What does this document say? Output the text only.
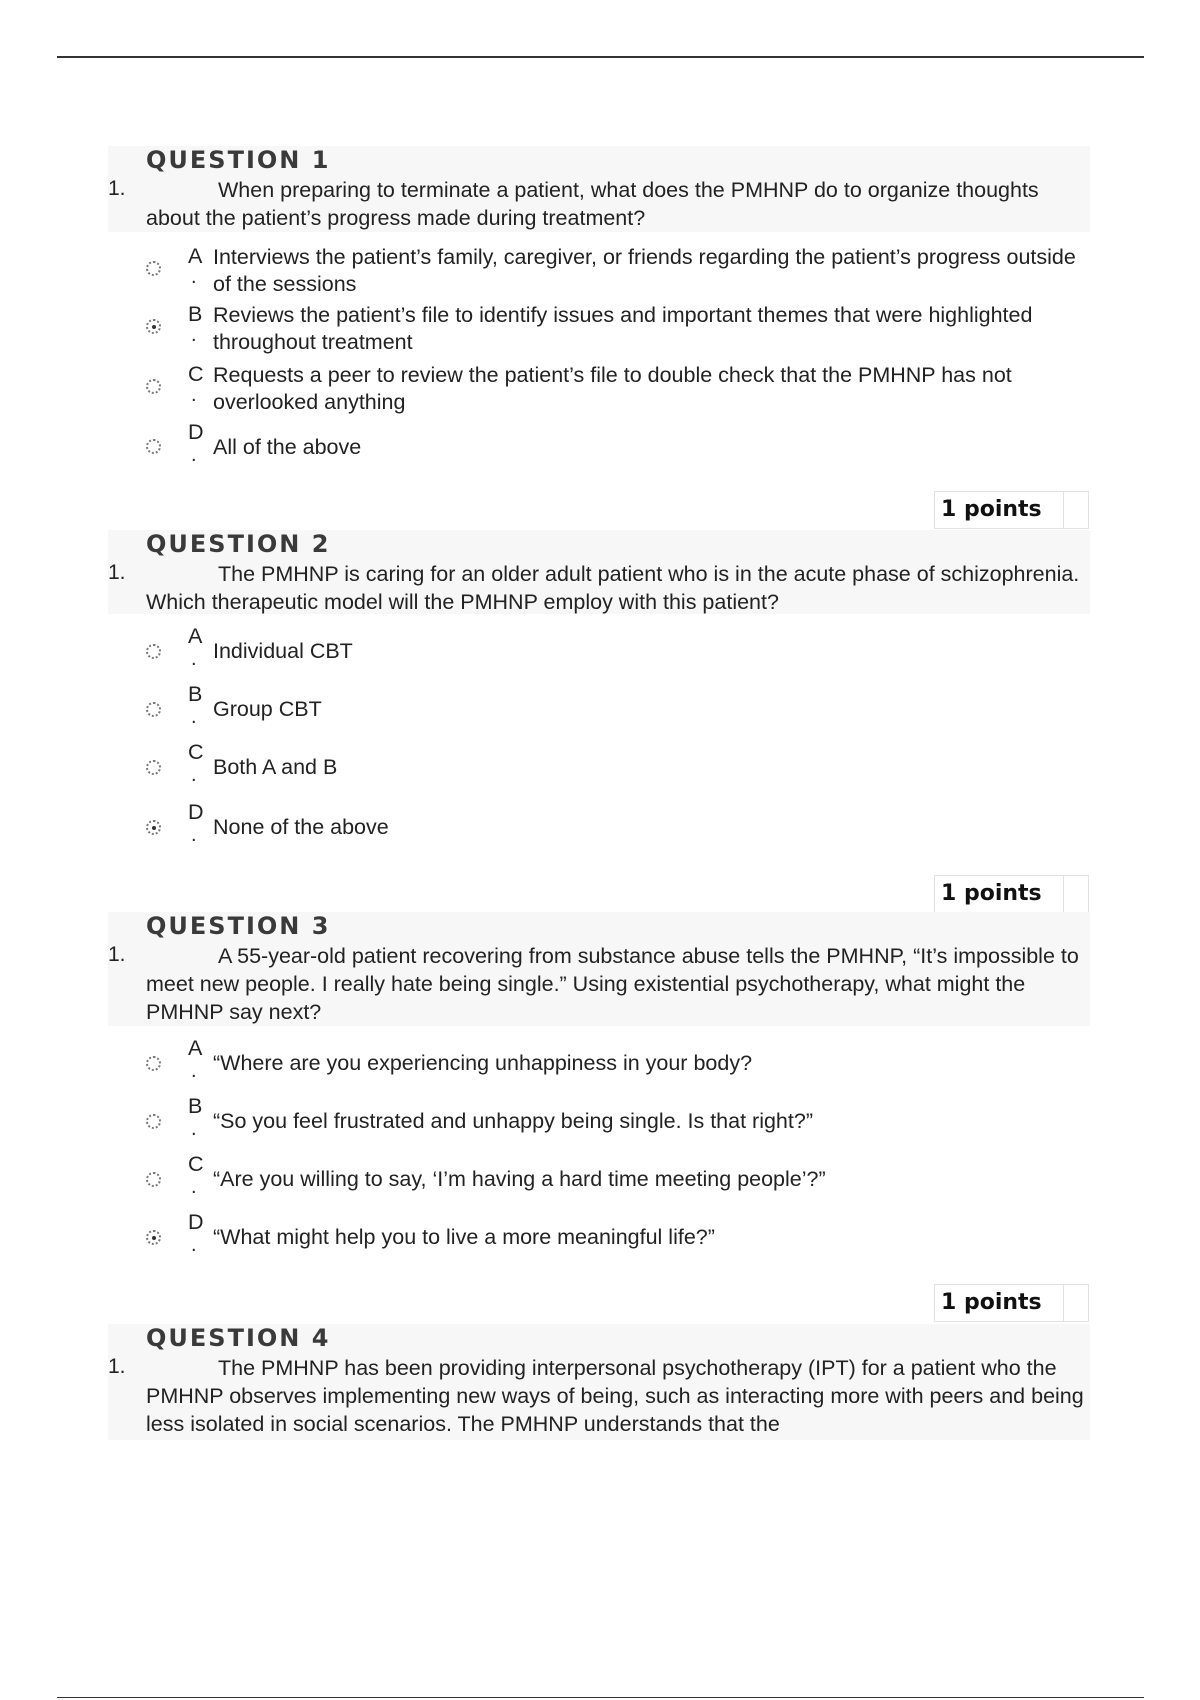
QUESTION 1
1.	When preparing to terminate a patient, what does the PMHNP do to organize thoughts about the patient’s progress made during treatment?
A
.
Interviews the patient’s family, caregiver, or friends regarding the patient’s progress outside of the sessions
B
.
Reviews the patient’s file to identify issues and important themes that were highlighted throughout treatment
C
.
Requests a peer to review the patient’s file to double check that the PMHNP has not overlooked anything
D
. All of the above
1 points
QUESTION 2
1.	The PMHNP is caring for an older adult patient who is in the acute phase of schizophrenia. Which therapeutic model will the PMHNP employ with this patient?
A
. Individual CBT
B
. Group CBT
C
. Both A and B
D
. None of the above
1 points
QUESTION 3
1.	A 55-year-old patient recovering from substance abuse tells the PMHNP, “It’s impossible to meet new people. I really hate being single.” Using existential psychotherapy, what might the PMHNP say next?
A
. “Where are you experiencing unhappiness in your body?
B
. “So you feel frustrated and unhappy being single. Is that right?”
C
. “Are you willing to say, ‘I’m having a hard time meeting people’?”
D
. “What might help you to live a more meaningful life?”
1 points
QUESTION 4
1.	The PMHNP has been providing interpersonal psychotherapy (IPT) for a patient who the PMHNP observes implementing new ways of being, such as interacting more with peers and being less isolated in social scenarios. The PMHNP understands that the
